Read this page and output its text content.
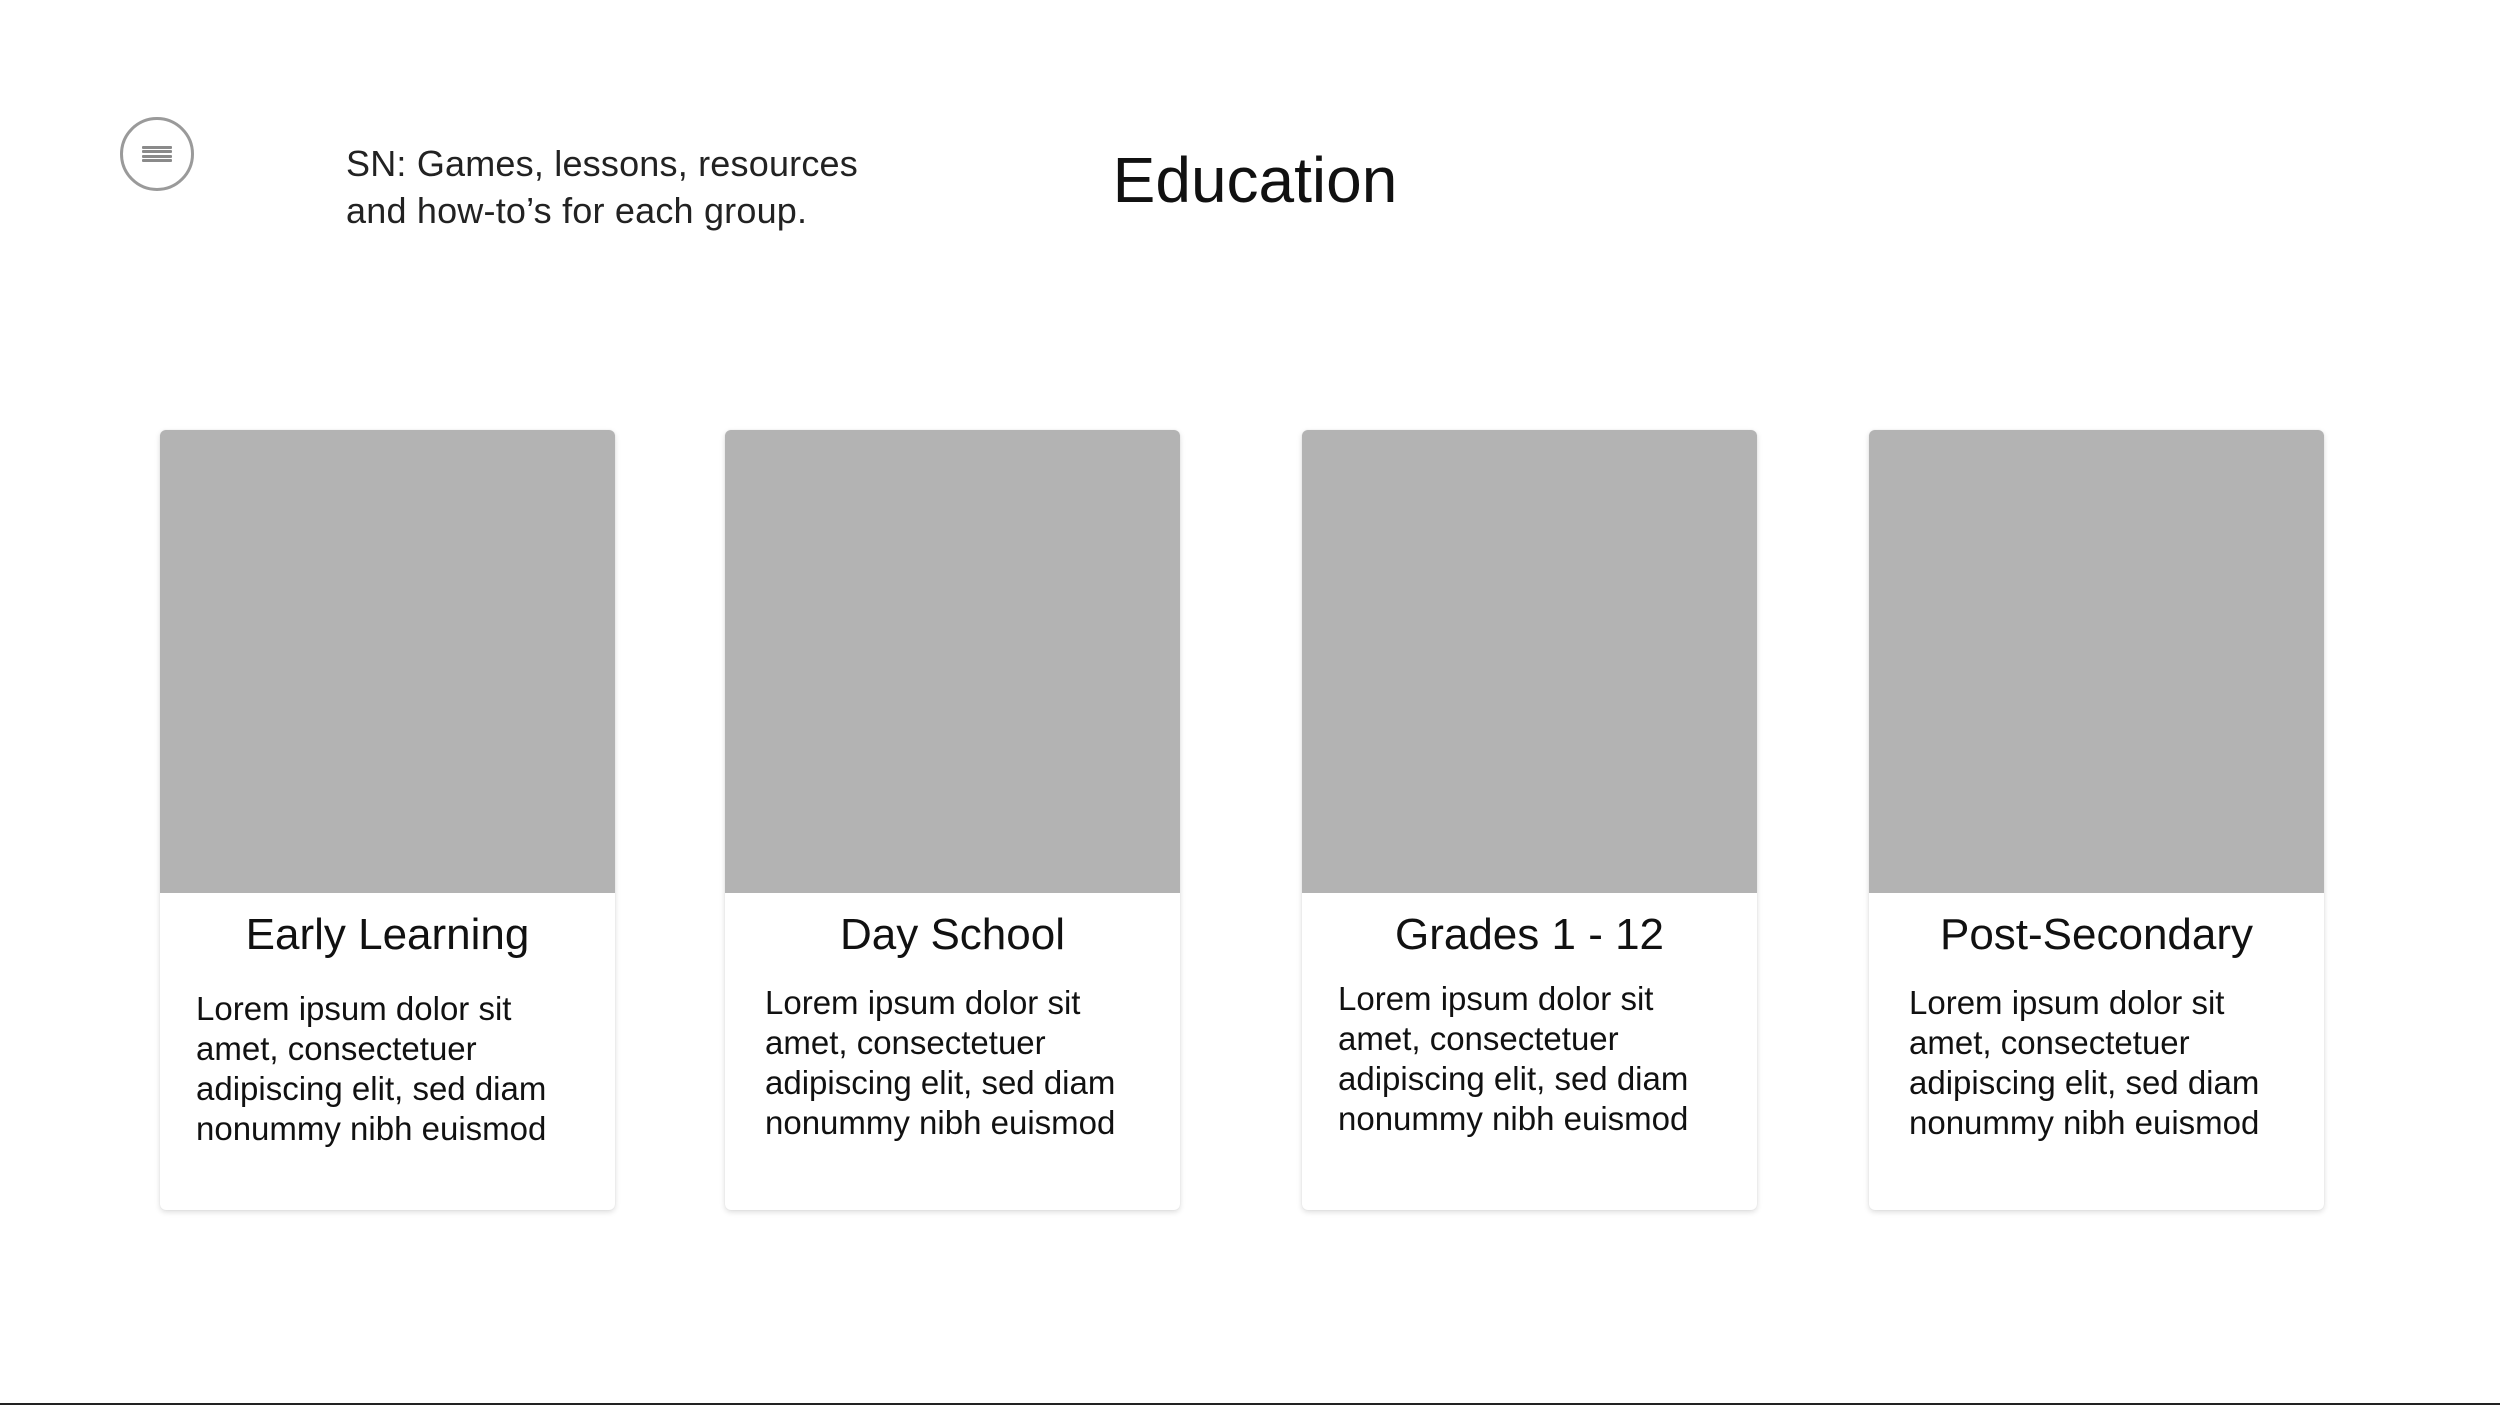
SN: Games, lessons, resources
and how-to’s for each group.	Education
Early Learning
Lorem ipsum dolor sit
amet, consectetuer
adipiscing elit, sed diam
nonummy nibh euismod
Day School
Lorem ipsum dolor sit
amet, consectetuer
adipiscing elit, sed diam
nonummy nibh euismod
Grades 1 - 12
Lorem ipsum dolor sit
amet, consectetuer
adipiscing elit, sed diam
nonummy nibh euismod
Post-Secondary
Lorem ipsum dolor sit
amet, consectetuer
adipiscing elit, sed diam
nonummy nibh euismod
